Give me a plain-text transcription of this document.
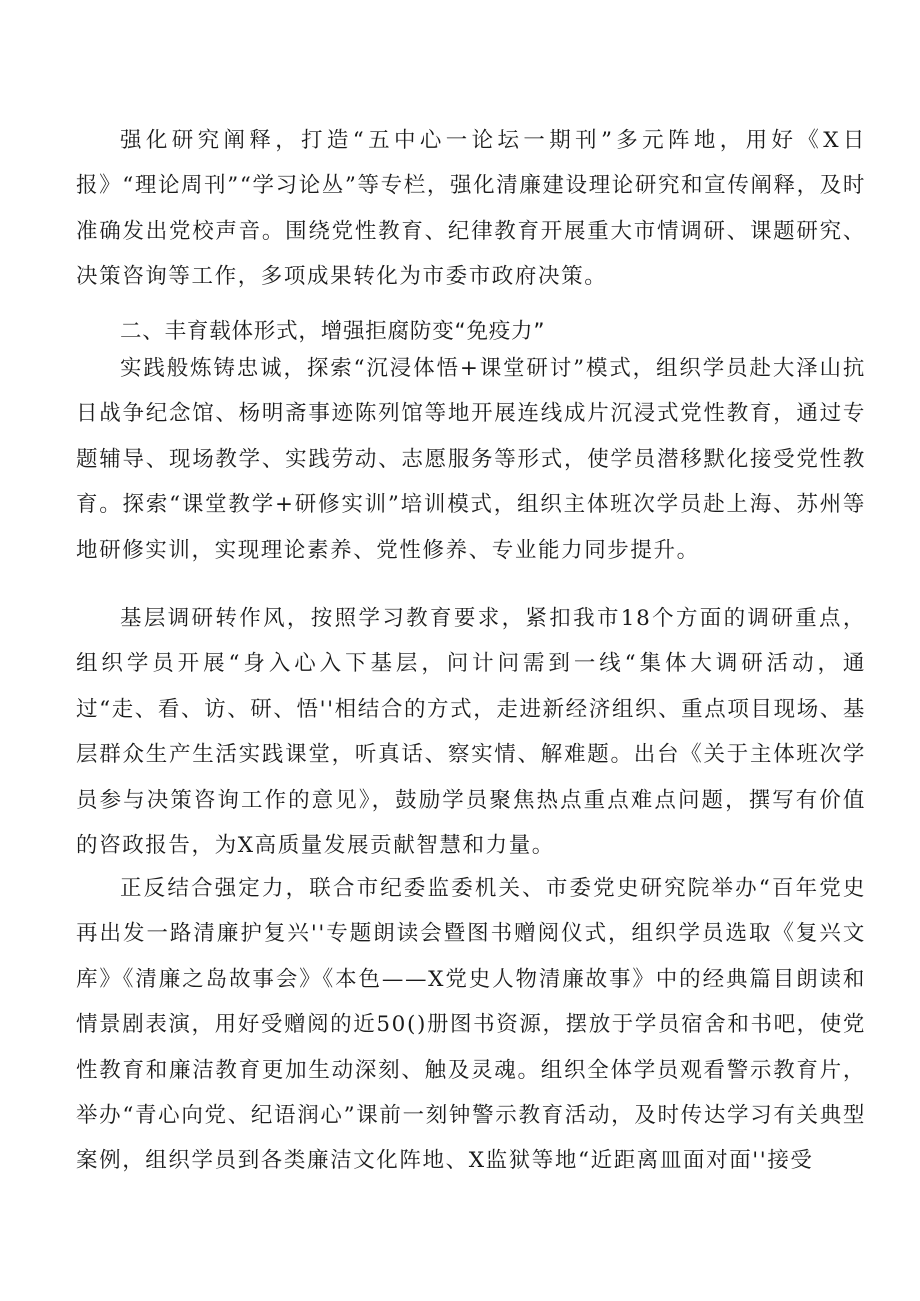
强化研究阐释，打造“五中心一论坛一期刊”多元阵地，用好《X日报》“理论周刊”“学习论丛”等专栏，强化清廉建设理论研究和宣传阐释，及时准确发出党校声音。围绕党性教育、纪律教育开展重大市情调研、课题研究、决策咨询等工作，多项成果转化为市委市政府决策。

二、丰育载体形式，增强拒腐防变“免疫力”

实践般炼铸忠诚，探索“沉浸体悟+课堂研讨”模式，组织学员赴大泽山抗日战争纪念馆、杨明斋事迹陈列馆等地开展连线成片沉浸式党性教育，通过专题辅导、现场教学、实践劳动、志愿服务等形式，使学员潜移默化接受党性教育。探索“课堂教学+研修实训”培训模式，组织主体班次学员赴上海、苏州等地研修实训，实现理论素养、党性修养、专业能力同步提升。

基层调研转作风，按照学习教育要求，紧扣我市18个方面的调研重点，组织学员开展“身入心入下基层，问计问需到一线“集体大调研活动，通过“走、看、访、研、悟''相结合的方式，走进新经济组织、重点项目现场、基层群众生产生活实践课堂，听真话、察实情、解难题。出台《关于主体班次学员参与决策咨询工作的意见》，鼓励学员聚焦热点重点难点问题，撰写有价值的咨政报告，为X高质量发展贡献智慧和力量。

正反结合强定力，联合市纪委监委机关、市委党史研究院举办“百年党史再出发一路清廉护复兴''专题朗读会暨图书赠阅仪式，组织学员选取《复兴文库》《清廉之岛故事会》《本色——X党史人物清廉故事》中的经典篇目朗读和情景剧表演，用好受赠阅的近50()册图书资源，摆放于学员宿舍和书吧，使党性教育和廉洁教育更加生动深刻、触及灵魂。组织全体学员观看警示教育片，举办“青心向党、纪语润心”课前一刻钟警示教育活动，及时传达学习有关典型案例，组织学员到各类廉洁文化阵地、X监狱等地“近距离皿面对面''接受
